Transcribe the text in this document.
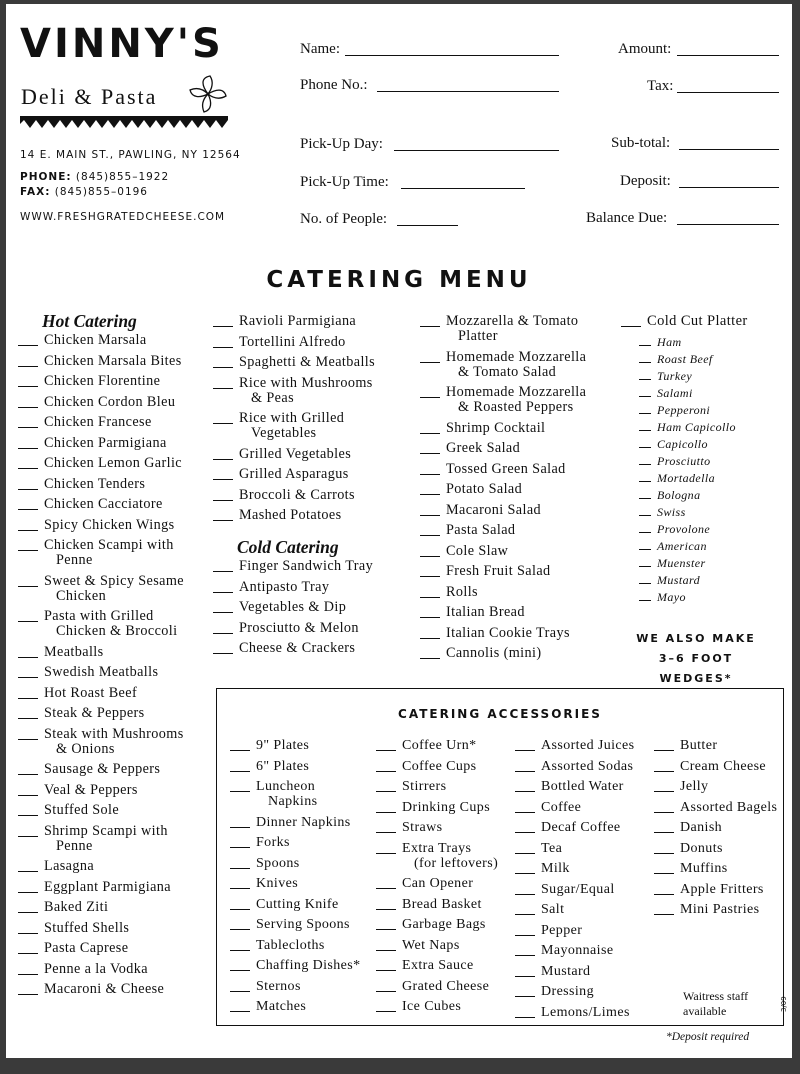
VINNY'S
Deli & Pasta
14 E. MAIN ST., PAWLING, NY 12564
PHONE: (845)855–1922
FAX: (845)855–0196
WWW.FRESHGRATEDCHEESE.COM
Name:
Phone No.:
Pick-Up Day:
Pick-Up Time:
No. of People:
Amount:
Tax:
Sub-total:
Deposit:
Balance Due:
CATERING MENU
Hot Catering
Chicken Marsala
Chicken Marsala Bites
Chicken Florentine
Chicken Cordon Bleu
Chicken Francese
Chicken Parmigiana
Chicken Lemon Garlic
Chicken Tenders
Chicken Cacciatore
Spicy Chicken Wings
Chicken Scampi with
Penne
Sweet & Spicy Sesame
Chicken
Pasta with Grilled
Chicken & Broccoli
Meatballs
Swedish Meatballs
Hot Roast Beef
Steak & Peppers
Steak with Mushrooms
& Onions
Sausage & Peppers
Veal & Peppers
Stuffed Sole
Shrimp Scampi with
Penne
Lasagna
Eggplant Parmigiana
Baked Ziti
Stuffed Shells
Pasta Caprese
Penne a la Vodka
Macaroni & Cheese
Ravioli Parmigiana
Tortellini Alfredo
Spaghetti & Meatballs
Rice with Mushrooms
& Peas
Rice with Grilled
Vegetables
Grilled Vegetables
Grilled Asparagus
Broccoli & Carrots
Mashed Potatoes
Cold Catering
Finger Sandwich Tray
Antipasto Tray
Vegetables & Dip
Prosciutto & Melon
Cheese & Crackers
Mozzarella & Tomato
Platter
Homemade Mozzarella
& Tomato Salad
Homemade Mozzarella
& Roasted Peppers
Shrimp Cocktail
Greek Salad
Tossed Green Salad
Potato Salad
Macaroni Salad
Pasta Salad
Cole Slaw
Fresh Fruit Salad
Rolls
Italian Bread
Italian Cookie Trays
Cannolis (mini)
Cold Cut Platter
Ham
Roast Beef
Turkey
Salami
Pepperoni
Ham Capicollo
Capicollo
Prosciutto
Mortadella
Bologna
Swiss
Provolone
American
Muenster
Mustard
Mayo
WE ALSO MAKE
3–6 FOOT WEDGES*
CATERING ACCESSORIES
9" Plates
6" Plates
Luncheon
Napkins
Dinner Napkins
Forks
Spoons
Knives
Cutting Knife
Serving Spoons
Tablecloths
Chaffing Dishes*
Sternos
Matches
Coffee Urn*
Coffee Cups
Stirrers
Drinking Cups
Straws
Extra Trays
(for leftovers)
Can Opener
Bread Basket
Garbage Bags
Wet Naps
Extra Sauce
Grated Cheese
Ice Cubes
Assorted Juices
Assorted Sodas
Bottled Water
Coffee
Decaf Coffee
Tea
Milk
Sugar/Equal
Salt
Pepper
Mayonnaise
Mustard
Dressing
Lemons/Limes
Butter
Cream Cheese
Jelly
Assorted Bagels
Danish
Donuts
Muffins
Apple Fritters
Mini Pastries
Waitress staff available
*Deposit required
3/09
